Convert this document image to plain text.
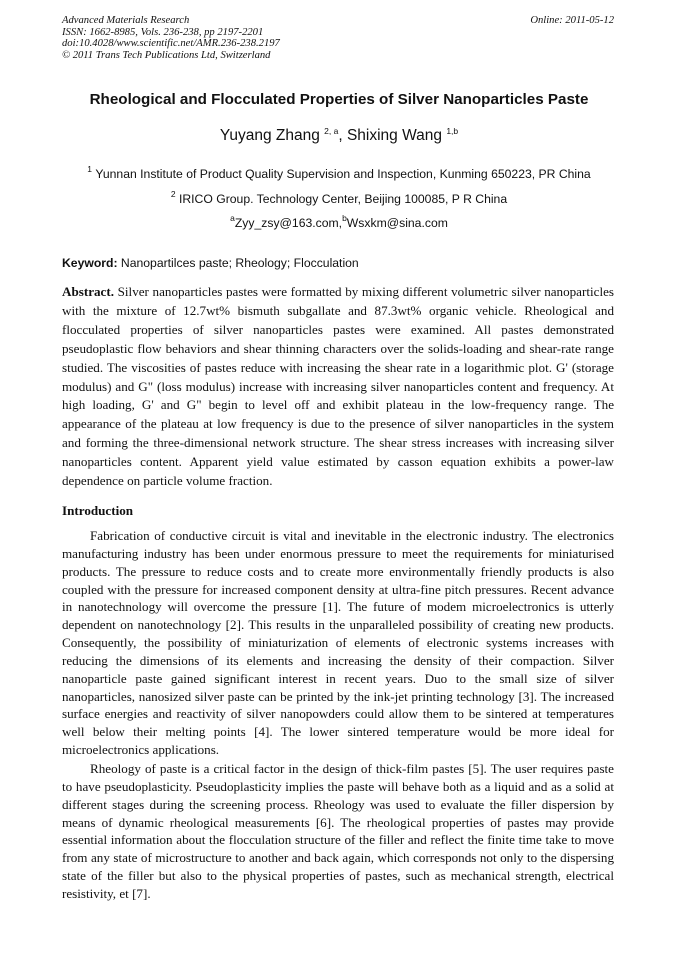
Advanced Materials Research
ISSN: 1662-8985, Vols. 236-238, pp 2197-2201
doi:10.4028/www.scientific.net/AMR.236-238.2197
© 2011 Trans Tech Publications Ltd, Switzerland
Online: 2011-05-12
Rheological and Flocculated Properties of Silver Nanoparticles Paste
Yuyang Zhang $^{2, a}$, Shixing Wang $^{1,b}$
$^1$ Yunnan Institute of Product Quality Supervision and Inspection, Kunming 650223, PR China
$^2$ IRICO Group. Technology Center, Beijing 100085, P R China
$^a$Zyy_zsy@163.com,$^b$Wsxkm@sina.com
Keyword: Nanopartilces paste; Rheology; Flocculation

Abstract. Silver nanoparticles pastes were formatted by mixing different volumetric silver nanoparticles with the mixture of 12.7wt% bismuth subgallate and 87.3wt% organic vehicle. Rheological and flocculated properties of silver nanoparticles pastes were examined. All pastes demonstrated pseudoplastic flow behaviors and shear thinning characters over the solids-loading and shear-rate range studied. The viscosities of pastes reduce with increasing the shear rate in a logarithmic plot. G' (storage modulus) and G" (loss modulus) increase with increasing silver nanoparticles content and frequency. At high loading, G' and G" begin to level off and exhibit plateau in the low-frequency range. The appearance of the plateau at low frequency is due to the presence of silver nanoparticles in the system and forming the three-dimensional network structure. The shear stress increases with increasing silver nanoparticles content. Apparent yield value estimated by casson equation exhibits a power-law dependence on particle volume fraction.

Introduction

Fabrication of conductive circuit is vital and inevitable in the electronic industry. The electronics manufacturing industry has been under enormous pressure to meet the requirements for miniaturised products. The pressure to reduce costs and to create more environmentally friendly products is also coupled with the pressure for increased component density at ultra-fine pitch pressures. Recent advance in nanotechnology will overcome the pressure [1]. The future of modem microelectronics is utterly dependent on nanotechnology [2]. This results in the unparalleled possibility of creating new products. Consequently, the possibility of miniaturization of elements of electronic systems increases with reducing the dimensions of its elements and increasing the density of their compaction. Silver nanoparticle paste gained significant interest in recent years. Duo to the small size of silver nanoparticles, nanosized silver paste can be printed by the ink-jet printing technology [3]. The increased surface energies and reactivity of silver nanopowders could allow them to be sintered at temperatures well below their melting points [4]. The lower sintered temperature would be more ideal for microelectronics applications.

Rheology of paste is a critical factor in the design of thick-film pastes [5]. The user requires paste to have pseudoplasticity. Pseudoplasticity implies the paste will behave both as a liquid and as a solid at different stages during the screening process. Rheology was used to evaluate the filler dispersion by means of dynamic rheological measurements [6]. The rheological properties of pastes may provide essential information about the flocculation structure of the filler and reflect the finite time take to move from any state of microstructure to another and back again, which corresponds not only to the dispersing state of the filler but also to the physical properties of pastes, such as mechanical strength, electrical resistivity, et [7].
